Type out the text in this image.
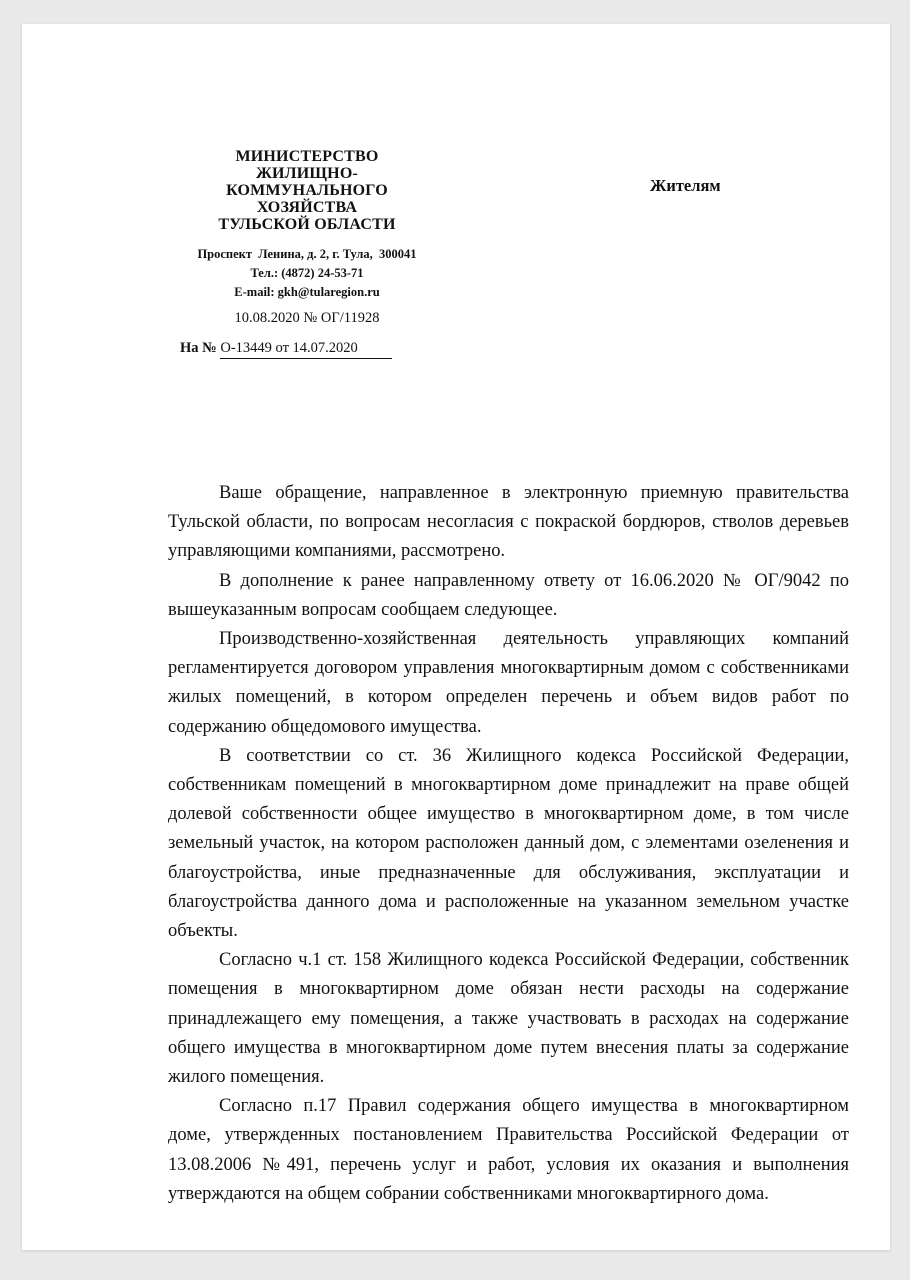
МИНИСТЕРСТВО
ЖИЛИЩНО-
КОММУНАЛЬНОГО
ХОЗЯЙСТВА
ТУЛЬСКОЙ ОБЛАСТИ
Проспект  Ленина, д. 2, г. Тула,  300041
Тел.: (4872) 24-53-71
E-mail: gkh@tularegion.ru
10.08.2020 № ОГ/11928
На № О-13449 от 14.07.2020
Жителям

Ваше обращение, направленное в электронную приемную правительства Тульской области, по вопросам несогласия с покраской бордюров, стволов деревьев управляющими компаниями, рассмотрено.

В дополнение к ранее направленному ответу от 16.06.2020 № ОГ/9042 по вышеуказанным вопросам сообщаем следующее.

Производственно-хозяйственная деятельность управляющих компаний регламентируется договором управления многоквартирным домом с собственниками жилых помещений, в котором определен перечень и объем видов работ по содержанию общедомового имущества.

В соответствии со ст. 36 Жилищного кодекса Российской Федерации, собственникам помещений в многоквартирном доме принадлежит на праве общей долевой собственности общее имущество в многоквартирном доме, в том числе земельный участок, на котором расположен данный дом, с элементами озеленения и благоустройства, иные предназначенные для обслуживания, эксплуатации и благоустройства данного дома и расположенные на указанном земельном участке объекты.

Согласно ч.1 ст. 158 Жилищного кодекса Российской Федерации, собственник помещения в многоквартирном доме обязан нести расходы на содержание принадлежащего ему помещения, а также участвовать в расходах на содержание общего имущества в многоквартирном доме путем внесения платы за содержание жилого помещения.

Согласно п.17 Правил содержания общего имущества в многоквартирном доме, утвержденных постановлением Правительства Российской Федерации от 13.08.2006 №491, перечень услуг и работ, условия их оказания и выполнения утверждаются на общем собрании собственниками многоквартирного дома.
